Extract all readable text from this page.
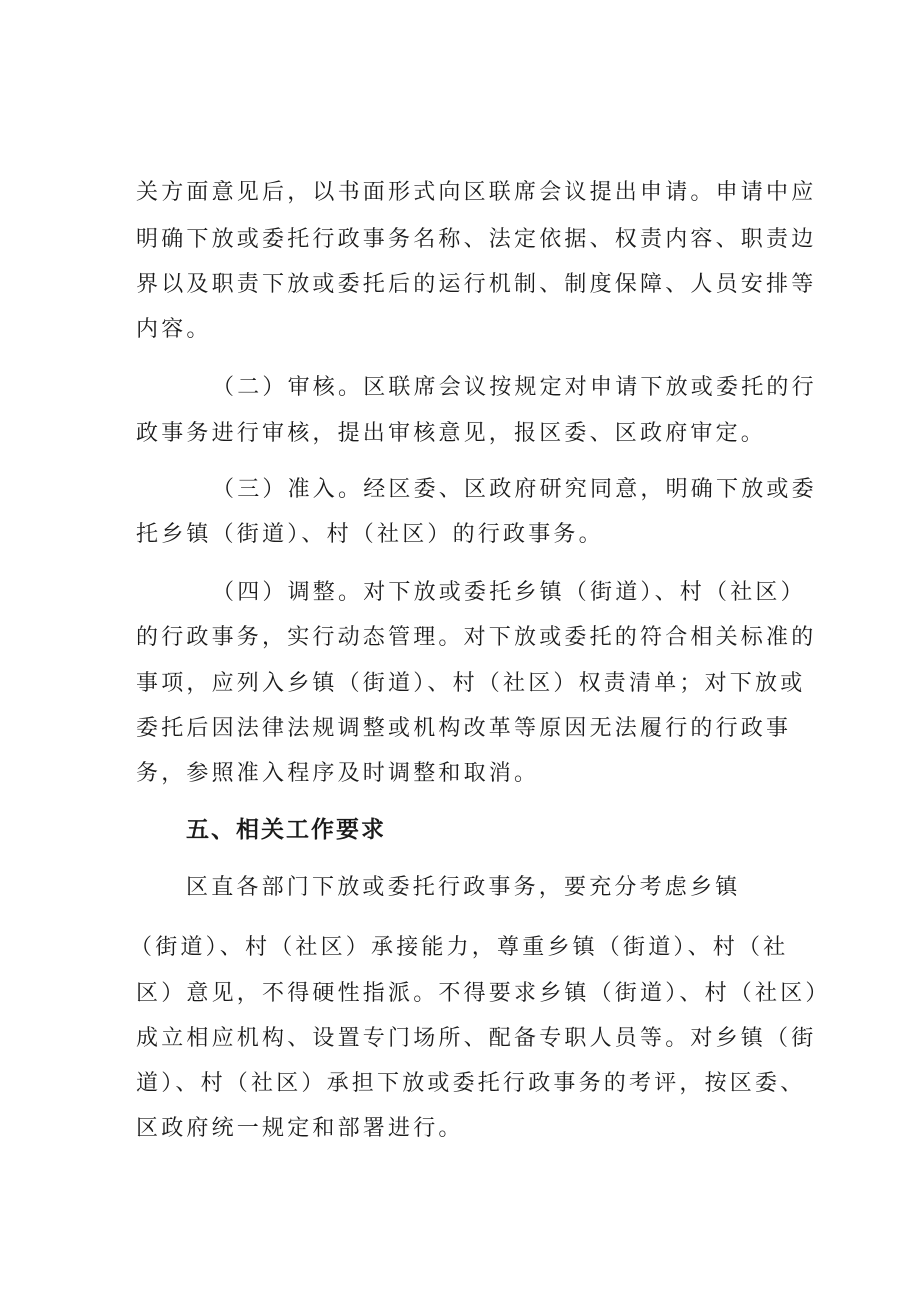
关方面意见后，以书面形式向区联席会议提出申请。申请中应
明确下放或委托行政事务名称、法定依据、权责内容、职责边
界以及职责下放或委托后的运行机制、制度保障、人员安排等
内容。
（二）审核。区联席会议按规定对申请下放或委托的行
政事务进行审核，提出审核意见，报区委、区政府审定。
（三）准入。经区委、区政府研究同意，明确下放或委
托乡镇（街道）、村（社区）的行政事务。
（四）调整。对下放或委托乡镇（街道）、村（社区）
的行政事务，实行动态管理。对下放或委托的符合相关标准的
事项，应列入乡镇（街道）、村（社区）权责清单；对下放或
委托后因法律法规调整或机构改革等原因无法履行的行政事
务，参照准入程序及时调整和取消。
五、相关工作要求
区直各部门下放或委托行政事务，要充分考虑乡镇
（街道）、村（社区）承接能力，尊重乡镇（街道）、村（社
区）意见，不得硬性指派。不得要求乡镇（街道）、村（社区）
成立相应机构、设置专门场所、配备专职人员等。对乡镇（街
道）、村（社区）承担下放或委托行政事务的考评，按区委、
区政府统一规定和部署进行。
